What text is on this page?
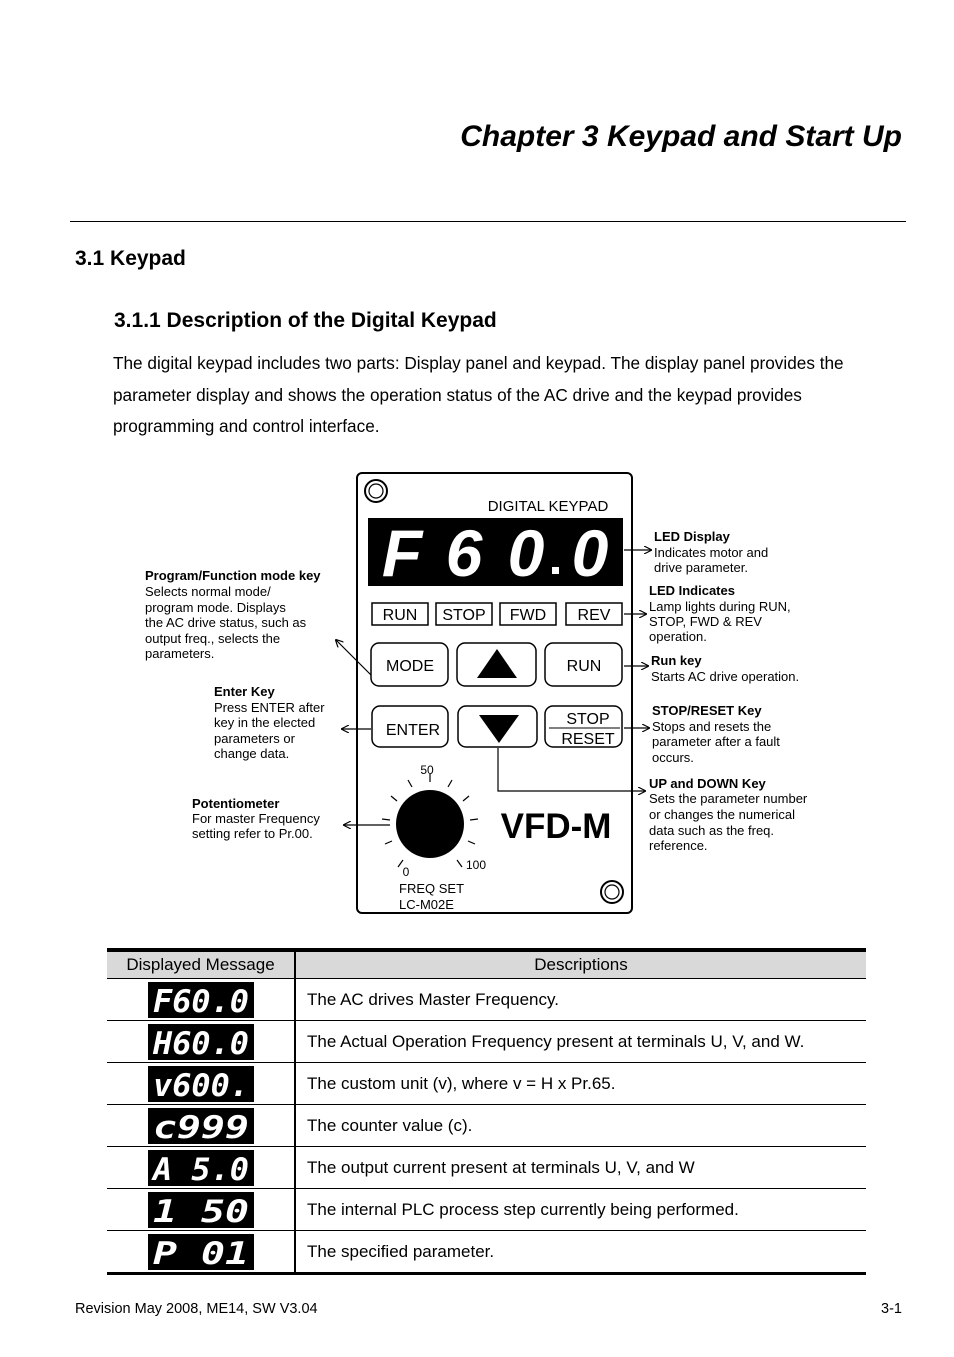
Chapter 3 Keypad and Start Up
3.1 Keypad
3.1.1 Description of the Digital Keypad
The digital keypad includes two parts: Display panel and keypad. The display panel provides the
parameter display and shows the operation status of the AC drive and the keypad provides
programming and control interface.
DIGITAL KEYPAD
F 6 0 0
RUN STOP FWD REV
MODE	RUN
ENTER
STOP
RESET
50
0	100
VFD-M
FREQ SET
LC-M02E
LED Display
Indicates motor and
drive parameter.
LED Indicates
Lamp lights during RUN,
STOP, FWD & REV
operation.
Run key
Starts AC drive operation.
STOP/RESET Key
Stops and resets the
parameter after a fault
occurs.
UP and DOWN Key
Sets the parameter number
or changes the numerical
data such as the freq.
reference.
Program/Function mode key
Selects normal mode/
program mode. Displays
the AC drive status, such as
output freq., selects the
parameters.
Enter Key
Press ENTER after
key in the elected
parameters or
change data.
Potentiometer
For master Frequency
setting refer to Pr.00.
Displayed Message	Descriptions

F60.0	The AC drives Master Frequency.

H60.0	The Actual Operation Frequency present at terminals U, V, and W.

v600.	The custom unit (v), where v = H x Pr.65.

c999	The counter value (c).

A 5.0	The output current present at terminals U, V, and W

1 50	The internal PLC process step currently being performed.

P 01	The specified parameter.
Revision May 2008, ME14, SW V3.04	3-1
